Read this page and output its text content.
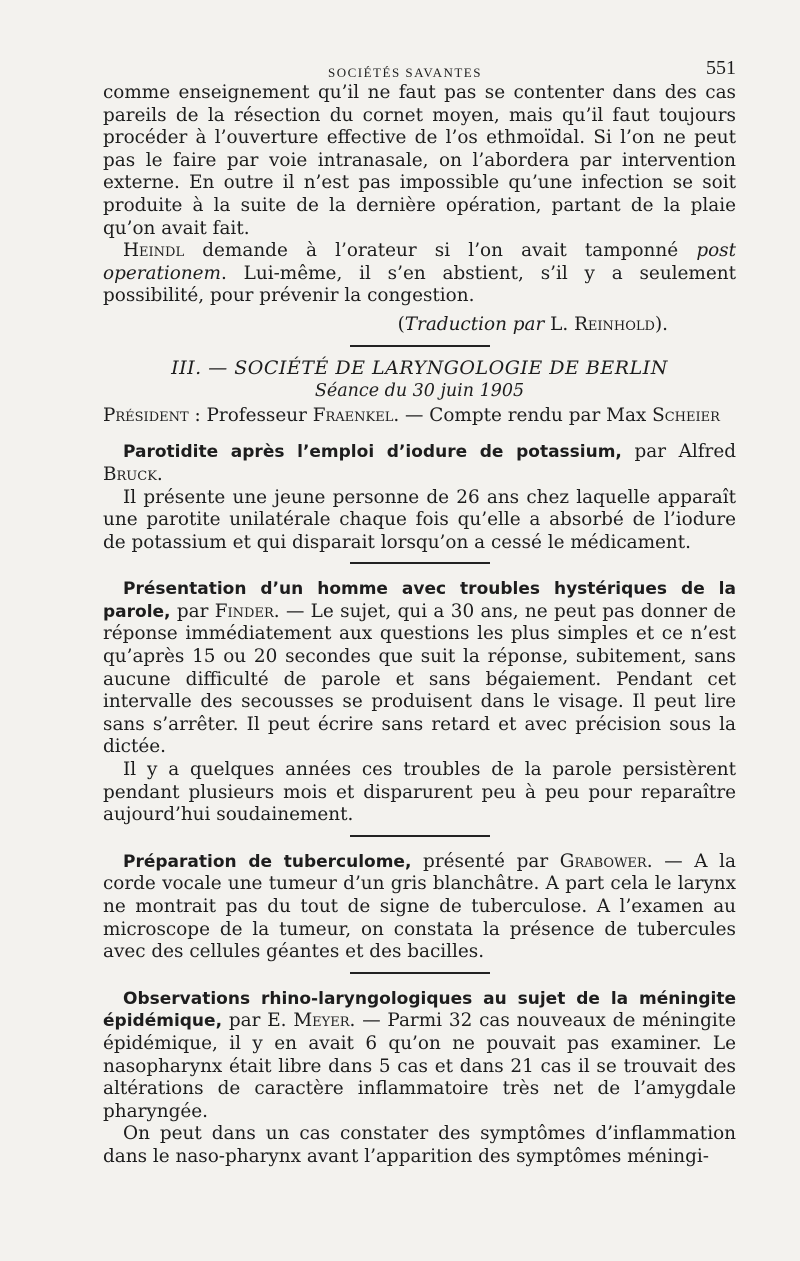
SOCIÉTÉS SAVANTES	551

comme enseignement qu’il ne faut pas se contenter dans des cas pareils de la résection du cornet moyen, mais qu’il faut toujours procéder à l’ouverture effective de l’os ethmoïdal. Si l’on ne peut pas le faire par voie intranasale, on l’abordera par intervention externe. En outre il n’est pas impossible qu’une infection se soit produite à la suite de la dernière opération, partant de la plaie qu’on avait fait.

Heindl demande à l’orateur si l’on avait tamponné post operationem. Lui-même, il s’en abstient, s’il y a seulement possibilité, pour prévenir la congestion.

(Traduction par L. Reinhold).

III. — SOCIÉTÉ DE LARYNGOLOGIE DE BERLIN
Séance du 30 juin 1905

Président : Professeur Fraenkel. — Compte rendu par Max Scheier

Parotidite après l’emploi d’iodure de potassium, par Alfred Bruck.

Il présente une jeune personne de 26 ans chez laquelle apparaît une parotite unilatérale chaque fois qu’elle a absorbé de l’iodure de potassium et qui disparait lorsqu’on a cessé le médicament.

Présentation d’un homme avec troubles hystériques de la parole, par Finder. — Le sujet, qui a 30 ans, ne peut pas donner de réponse immédiatement aux questions les plus simples et ce n’est qu’après 15 ou 20 secondes que suit la réponse, subitement, sans aucune difficulté de parole et sans bégaiement. Pendant cet intervalle des secousses se produisent dans le visage. Il peut lire sans s’arrêter. Il peut écrire sans retard et avec précision sous la dictée.

Il y a quelques années ces troubles de la parole persistèrent pendant plusieurs mois et disparurent peu à peu pour reparaître aujourd’hui soudainement.

Préparation de tuberculome, présenté par Grabower. — A la corde vocale une tumeur d’un gris blanchâtre. A part cela le larynx ne montrait pas du tout de signe de tuberculose. A l’examen au microscope de la tumeur, on constata la présence de tubercules avec des cellules géantes et des bacilles.

Observations rhino-laryngologiques au sujet de la méningite épidémique, par E. Meyer. — Parmi 32 cas nouveaux de méningite épidémique, il y en avait 6 qu’on ne pouvait pas examiner. Le nasopharynx était libre dans 5 cas et dans 21 cas il se trouvait des altérations de caractère inflammatoire très net de l’amygdale pharyngée.

On peut dans un cas constater des symptômes d’inflammation dans le naso-pharynx avant l’apparition des symptômes méningi-
